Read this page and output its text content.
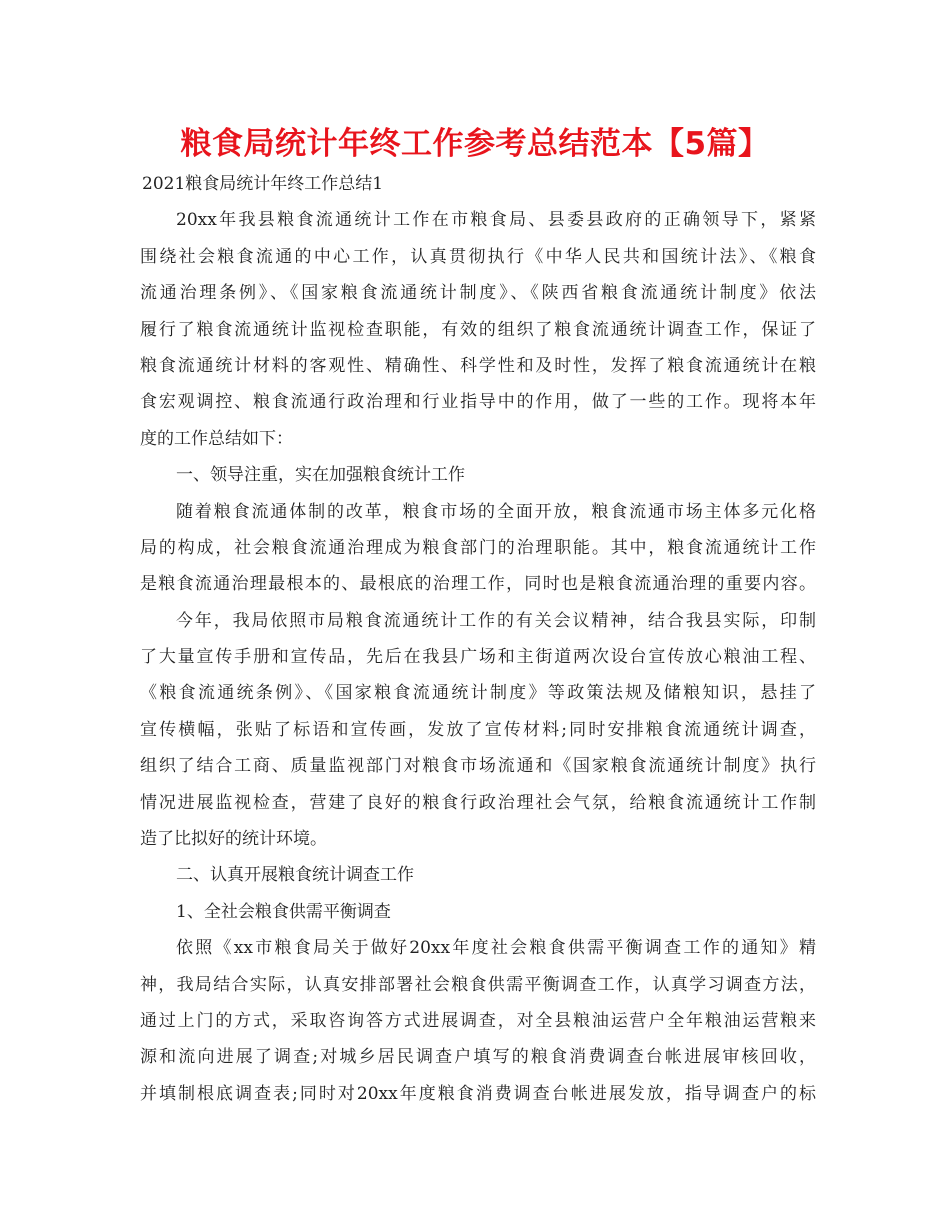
粮食局统计年终工作参考总结范本【5篇】
2021粮食局统计年终工作总结1
20xx年我县粮食流通统计工作在市粮食局、县委县政府的正确领导下，紧紧
围绕社会粮食流通的中心工作，认真贯彻执行《中华人民共和国统计法》、《粮食
流通治理条例》、《国家粮食流通统计制度》、《陕西省粮食流通统计制度》依法
履行了粮食流通统计监视检查职能，有效的组织了粮食流通统计调查工作，保证了
粮食流通统计材料的客观性、精确性、科学性和及时性，发挥了粮食流通统计在粮
食宏观调控、粮食流通行政治理和行业指导中的作用，做了一些的工作。现将本年
度的工作总结如下：
一、领导注重，实在加强粮食统计工作
随着粮食流通体制的改革，粮食市场的全面开放，粮食流通市场主体多元化格
局的构成，社会粮食流通治理成为粮食部门的治理职能。其中，粮食流通统计工作
是粮食流通治理最根本的、最根底的治理工作，同时也是粮食流通治理的重要内容。
今年，我局依照市局粮食流通统计工作的有关会议精神，结合我县实际，印制
了大量宣传手册和宣传品，先后在我县广场和主街道两次设台宣传放心粮油工程、
《粮食流通统条例》、《国家粮食流通统计制度》等政策法规及储粮知识，悬挂了
宣传横幅，张贴了标语和宣传画，发放了宣传材料;同时安排粮食流通统计调查，
组织了结合工商、质量监视部门对粮食市场流通和《国家粮食流通统计制度》执行
情况进展监视检查，营建了良好的粮食行政治理社会气氛，给粮食流通统计工作制
造了比拟好的统计环境。
二、认真开展粮食统计调查工作
1、全社会粮食供需平衡调查
依照《xx市粮食局关于做好20xx年度社会粮食供需平衡调查工作的通知》精
神，我局结合实际，认真安排部署社会粮食供需平衡调查工作，认真学习调查方法，
通过上门的方式，采取咨询答方式进展调查，对全县粮油运营户全年粮油运营粮来
源和流向进展了调查;对城乡居民调查户填写的粮食消费调查台帐进展审核回收，
并填制根底调查表;同时对20xx年度粮食消费调查台帐进展发放，指导调查户的标
